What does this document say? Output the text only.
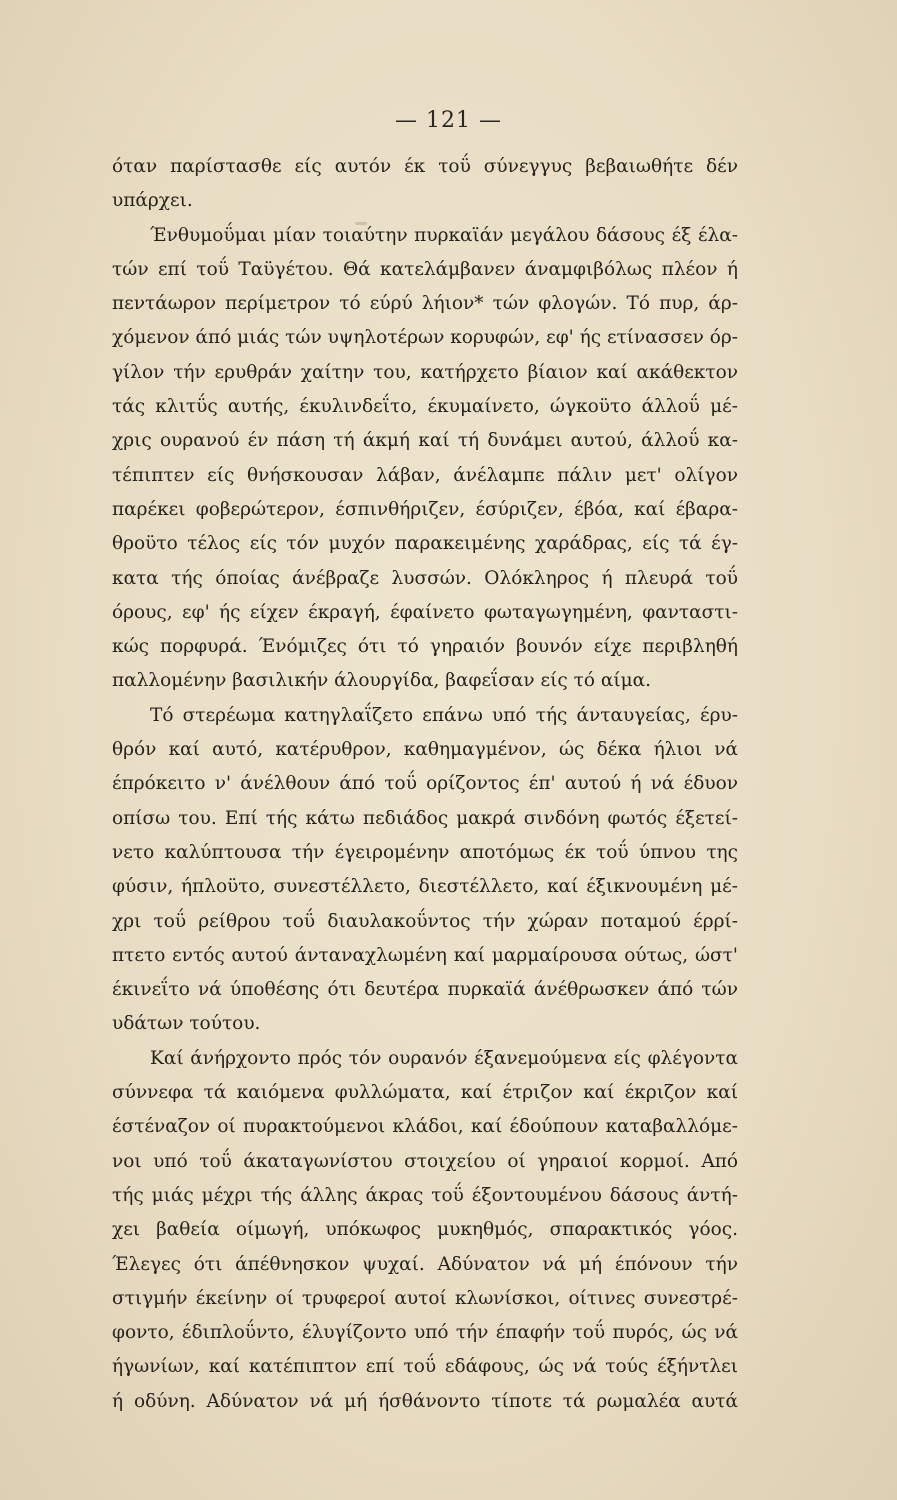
— 121 —
όταν παρίστασθε είς αυτόν έκ τοΰ σύνεγγυς βεβαιωθήτε δέν
υπάρχει.
Ένθυμοΰμαι μίαν τοιαύτην πυρκαϊάν μεγάλου δάσους έξ έλα-
τών επί τοΰ Ταϋγέτου. Θά κατελάμβανεν άναμφιβόλως πλέον ή
πεντάωρον περίμετρον τό εύρύ λήιον* τών φλογών. Τό πυρ, άρ-
χόμενον άπό μιάς τών υψηλοτέρων κορυφών, εφ' ής ετίνασσεν όρ-
γίλον τήν ερυθράν χαίτην του, κατήρχετο βίαιον καί ακάθεκτον
τάς κλιτΰς αυτής, έκυλινδεΐτο, έκυμαίνετο, ώγκοϋτο άλλοΰ μέ-
χρις ουρανού έν πάση τή άκμή καί τή δυνάμει αυτού, άλλοΰ κα-
τέπιπτεν είς θνήσκουσαν λάβαν, άνέλαμπε πάλιν μετ' ολίγον
παρέκει φοβερώτερον, έσπινθήριζεν, έσύριζεν, έβόα, καί έβαρα-
θροϋτο τέλος είς τόν μυχόν παρακειμένης χαράδρας, είς τά έγ-
κατα τής όποίας άνέβραζε λυσσών. Ολόκληρος ή πλευρά τοΰ
όρους, εφ' ής είχεν έκραγή, έφαίνετο φωταγωγημένη, φανταστι-
κώς πορφυρά. Ένόμιζες ότι τό γηραιόν βουνόν είχε περιβληθή
παλλομένην βασιλικήν άλουργίδα, βαφεΐσαν είς τό αίμα.
Τό στερέωμα κατηγλαΐζετο επάνω υπό τής άνταυγείας, έρυ-
θρόν καί αυτό, κατέρυθρον, καθημαγμένον, ώς δέκα ήλιοι νά
έπρόκειτο ν' άνέλθουν άπό τοΰ ορίζοντος έπ' αυτού ή νά έδυον
οπίσω του. Επί τής κάτω πεδιάδος μακρά σινδόνη φωτός έξετεί-
νετο καλύπτουσα τήν έγειρομένην αποτόμως έκ τοΰ ύπνου της
φύσιν, ήπλοϋτο, συνεστέλλετο, διεστέλλετο, καί έξικνουμένη μέ-
χρι τοΰ ρείθρου τοΰ διαυλακοΰντος τήν χώραν ποταμού έρρί-
πτετο εντός αυτού άνταναχλωμένη καί μαρμαίρουσα ούτως, ώστ'
έκινεΐτο νά ύποθέσης ότι δευτέρα πυρκαϊά άνέθρωσκεν άπό τών
υδάτων τούτου.
Καί άνήρχοντο πρός τόν ουρανόν έξανεμούμενα είς φλέγοντα
σύννεφα τά καιόμενα φυλλώματα, καί έτριζον καί έκριζον καί
έστέναζον οί πυρακτούμενοι κλάδοι, καί έδούπουν καταβαλλόμε-
νοι υπό τοΰ άκαταγωνίστου στοιχείου οί γηραιοί κορμοί. Από
τής μιάς μέχρι τής άλλης άκρας τοΰ έξοντουμένου δάσους άντή-
χει βαθεία οίμωγή, υπόκωφος μυκηθμός, σπαρακτικός γόος.
Έλεγες ότι άπέθνησκον ψυχαί. Αδύνατον νά μή έπόνουν τήν
στιγμήν έκείνην οί τρυφεροί αυτοί κλωνίσκοι, οίτινες συνεστρέ-
φοντο, έδιπλοΰντο, έλυγίζοντο υπό τήν έπαφήν τοΰ πυρός, ώς νά
ήγωνίων, καί κατέπιπτον επί τοΰ εδάφους, ώς νά τούς έξήντλει
ή οδύνη. Αδύνατον νά μή ήσθάνοντο τίποτε τά ρωμαλέα αυτά
